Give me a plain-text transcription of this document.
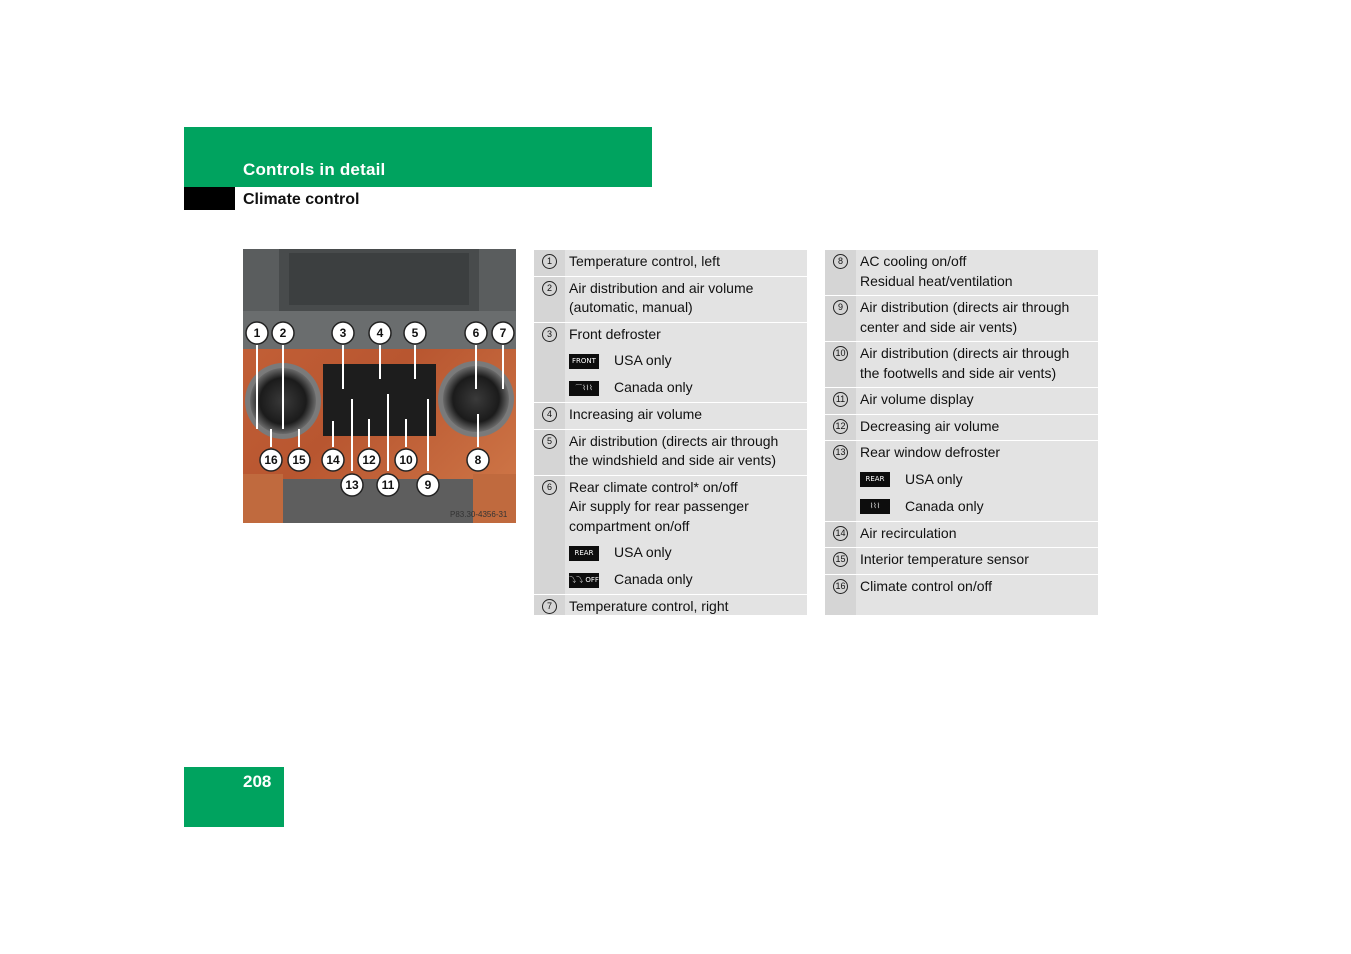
Controls in detail
Climate control
1 2	3	4 5	6 7
8
9
10
11
12
13
14
15
16
P83.30-4356-31
1	Temperature control, left
2	Air distribution and air volume
(automatic, manual)
3	Front defroster
FRONT USA only
⌒⌇⌇⌇	Canada only
4	Increasing air volume
5	Air distribution (directs air through
the windshield and side air vents)
6	Rear climate control* on/off
Air supply for rear passenger
compartment on/off
REAR	USA only
⤵⤵ OFF Canada only
7	Temperature control, right
8	AC cooling on/off
Residual heat/ventilation
9	Air distribution (directs air through
center and side air vents)
10 Air distribution (directs air through
the footwells and side air vents)
11 Air volume display
12 Decreasing air volume
13 Rear window defroster
REAR	USA only
⌇⌇⌇	Canada only
14 Air recirculation
15 Interior temperature sensor
16 Climate control on/off
208
